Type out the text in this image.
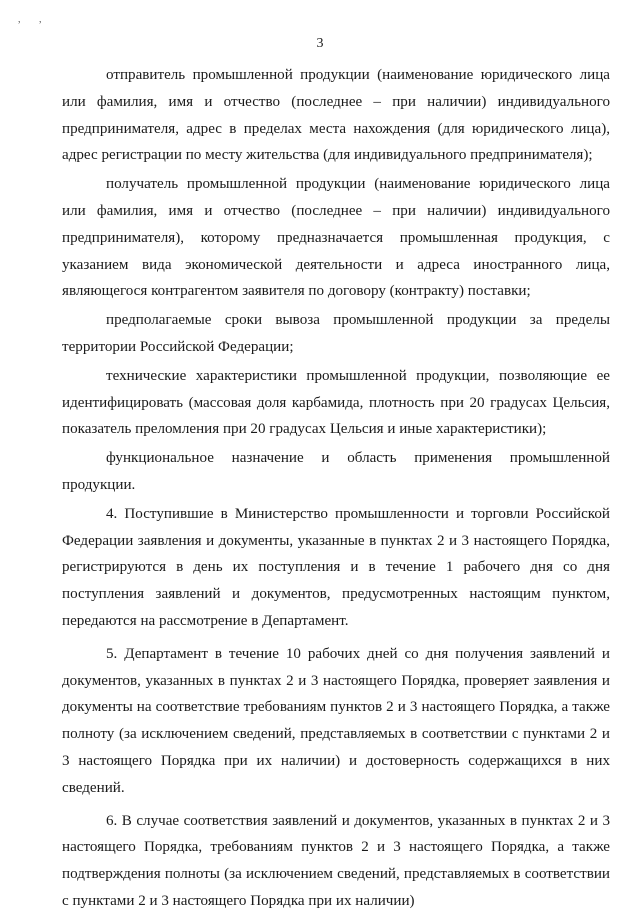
, ,
3

отправитель промышленной продукции (наименование юридического лица или фамилия, имя и отчество (последнее – при наличии) индивидуального предпринимателя, адрес в пределах места нахождения (для юридического лица), адрес регистрации по месту жительства (для индивидуального предпринимателя);

получатель промышленной продукции (наименование юридического лица или фамилия, имя и отчество (последнее – при наличии) индивидуального предпринимателя), которому предназначается промышленная продукция, с указанием вида экономической деятельности и адреса иностранного лица, являющегося контрагентом заявителя по договору (контракту) поставки;

предполагаемые сроки вывоза промышленной продукции за пределы территории Российской Федерации;

технические характеристики промышленной продукции, позволяющие ее идентифицировать (массовая доля карбамида, плотность при 20 градусах Цельсия, показатель преломления при 20 градусах Цельсия и иные характеристики);

функциональное назначение и область применения промышленной продукции.

4. Поступившие в Министерство промышленности и торговли Российской Федерации заявления и документы, указанные в пунктах 2 и 3 настоящего Порядка, регистрируются в день их поступления и в течение 1 рабочего дня со дня поступления заявлений и документов, предусмотренных настоящим пунктом, передаются на рассмотрение в Департамент.

5. Департамент в течение 10 рабочих дней со дня получения заявлений и документов, указанных в пунктах 2 и 3 настоящего Порядка, проверяет заявления и документы на соответствие требованиям пунктов 2 и 3 настоящего Порядка, а также полноту (за исключением сведений, представляемых в соответствии с пунктами 2 и 3 настоящего Порядка при их наличии) и достоверность содержащихся в них сведений.

6. В случае соответствия заявлений и документов, указанных в пунктах 2 и 3 настоящего Порядка, требованиям пунктов 2 и 3 настоящего Порядка, а также подтверждения полноты (за исключением сведений, представляемых в соответствии с пунктами 2 и 3 настоящего Порядка при их наличии)
